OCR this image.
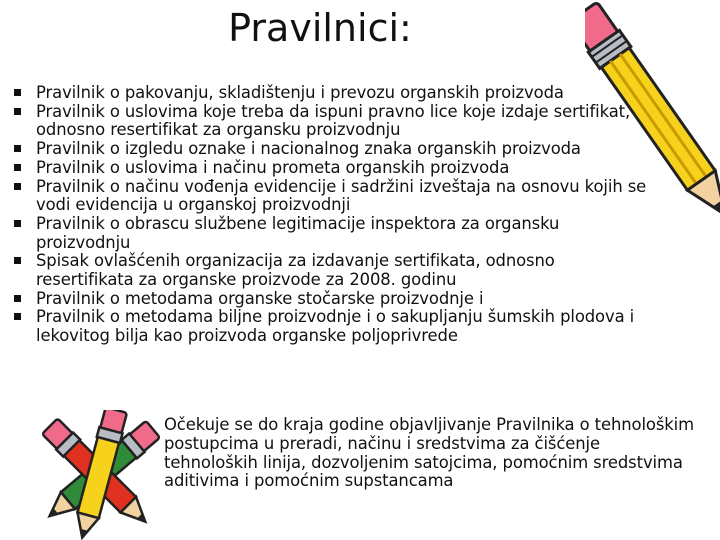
Pravilnici:
Pravilnik o pakovanju, skladištenju i prevozu organskih proizvoda
Pravilnik o uslovima koje treba da ispuni pravno lice koje izdaje sertifikat, odnosno resertifikat za organsku proizvodnju
Pravilnik o izgledu oznake i nacionalnog znaka organskih proizvoda
Pravilnik o uslovima i načinu prometa organskih proizvoda
Pravilnik o načinu vođenja evidencije i sadržini izveštaja na osnovu kojih se vodi evidencija u organskoj proizvodnji
Pravilnik o obrascu službene legitimacije inspektora za organsku proizvodnju
Spisak ovlašćenih organizacija za izdavanje sertifikata, odnosno resertifikata za organske proizvode za 2008. godinu
Pravilnik o metodama organske stočarske proizvodnje i
Pravilnik o metodama biljne proizvodnje i o sakupljanju šumskih plodova i lekovitog bilja kao proizvoda organske poljoprivrede
Očekuje se do kraja godine objavljivanje Pravilnika o tehnološkim postupcima u preradi, načinu i sredstvima za čišćenje tehnoloških linija, dozvoljenim satojcima, pomoćnim sredstvima aditivima i pomoćnim supstancama
